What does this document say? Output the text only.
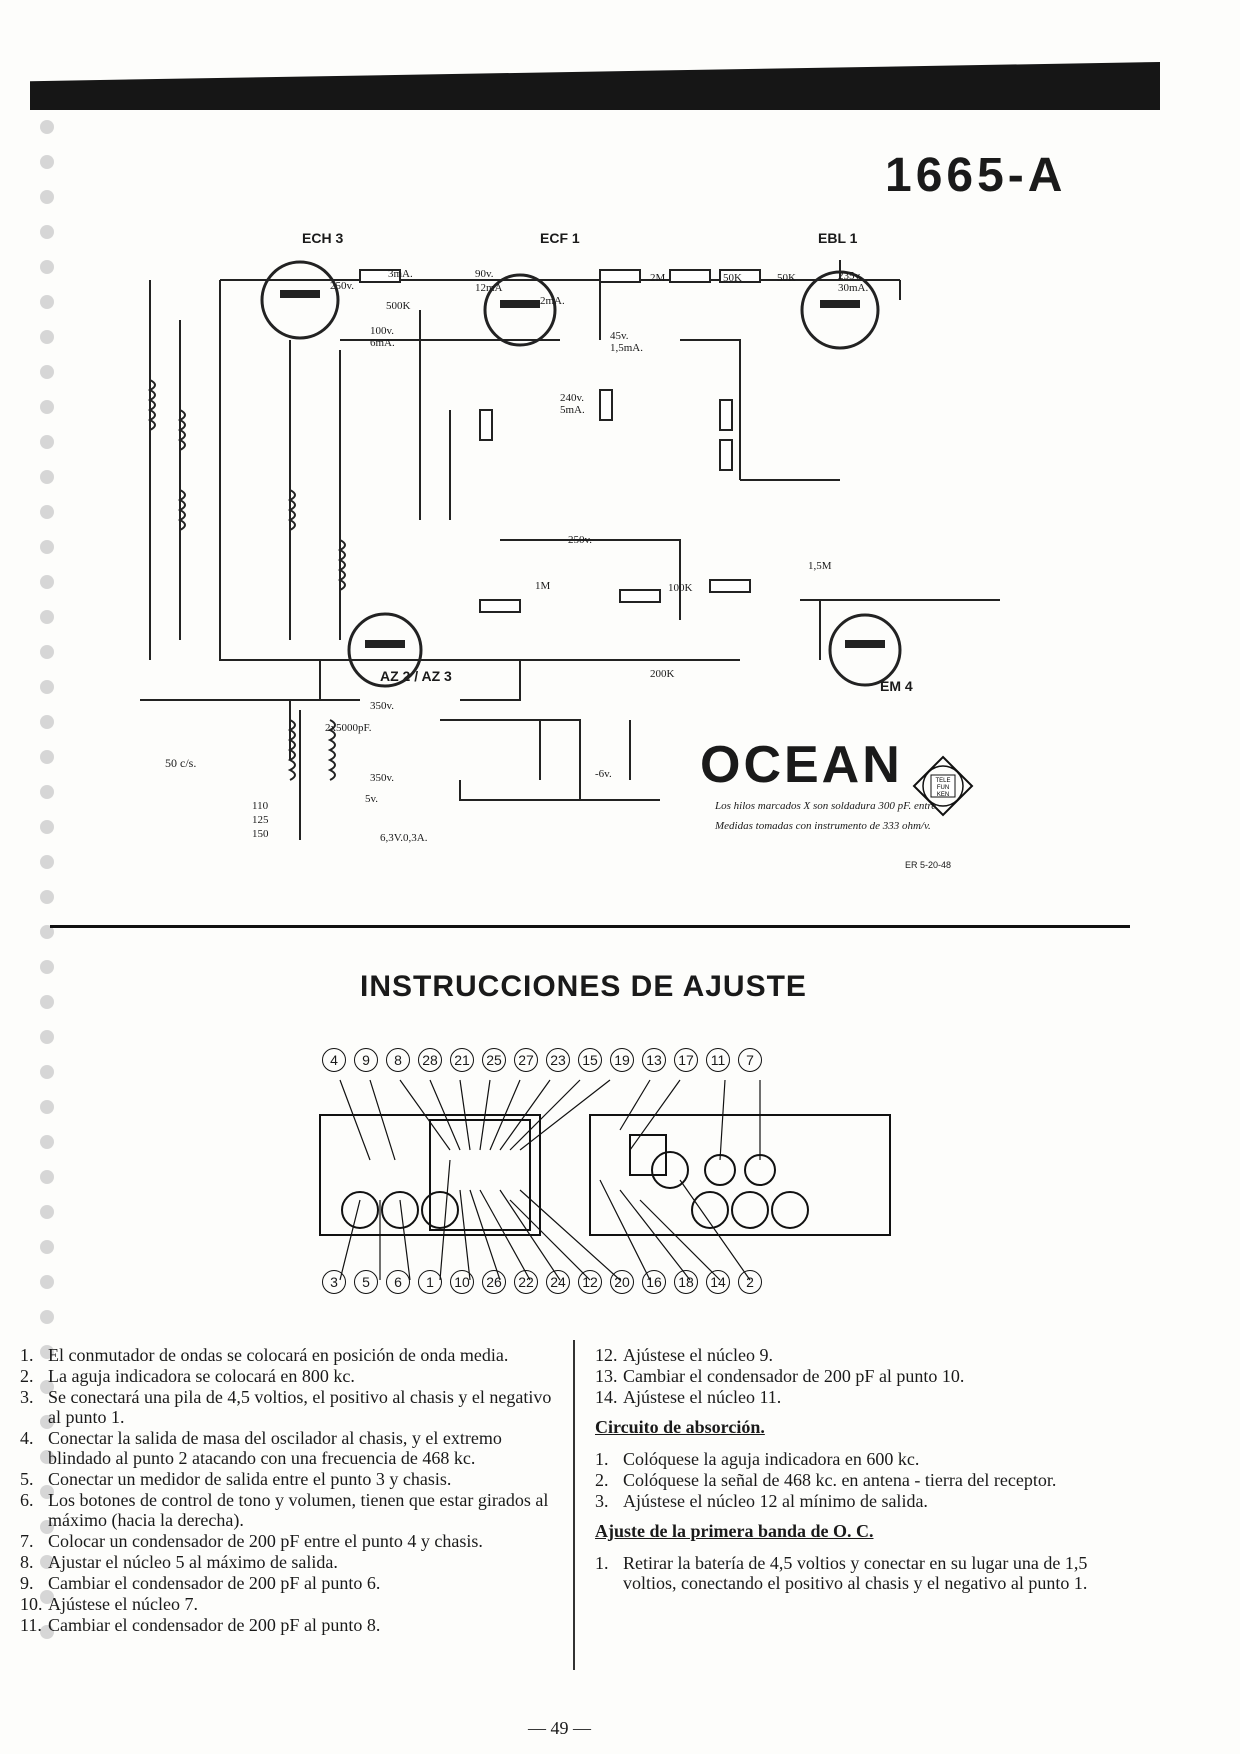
1665-A
ECH 3	ECF 1	EBL 1
AZ 2 / AZ 3
EM 4
3mA.
250v.
90v.
12mA
2mA.
100v.
6mA.
45v.
1,5mA.
240v.
5mA.
235v.
30mA.
250v.
350v.
350v.
5v.
-6v.
6,3V.0,3A.
50 c/s.
110
125
150
2x5000pF.
500K
2M	50K	50K
1M
1,5M
100K
200K
OCEAN	TELE
FUN
KEN
Los hilos marcados X son soldadura 300 pF. entre
Medidas tomadas con instrumento de 333 ohm/v.
ER 5-20-48
INSTRUCCIONES DE AJUSTE
4	9	8	28	21	25	27	23	15	19	13	17	11	7
3	5	6	1	10	26	22	24	12	20	16	18	14	2
1. El conmutador de ondas se colocará en posición de onda media.
2. La aguja indicadora se colocará en 800 kc.
3. Se conectará una pila de 4,5 voltios, el positivo al chasis y el negativo al punto 1.
4. Conectar la salida de masa del oscilador al chasis, y el extremo blindado al punto 2 atacando con una frecuencia de 468 kc.
5. Conectar un medidor de salida entre el punto 3 y chasis.
6. Los botones de control de tono y volumen, tienen que estar girados al máximo (hacia la derecha).
7. Colocar un condensador de 200 pF entre el punto 4 y chasis.
8. Ajustar el núcleo 5 al máximo de salida.
9. Cambiar el condensador de 200 pF al punto 6.
10. Ajústese el núcleo 7.
11. Cambiar el condensador de 200 pF al punto 8.
12. Ajústese el núcleo 9.
13. Cambiar el condensador de 200 pF al punto 10.
14. Ajústese el núcleo 11.
Circuito de absorción.
1. Colóquese la aguja indicadora en 600 kc.
2. Colóquese la señal de 468 kc. en antena - tierra del receptor.
3. Ajústese el núcleo 12 al mínimo de salida.
Ajuste de la primera banda de O. C.
1. Retirar la batería de 4,5 voltios y conectar en su lugar una de 1,5 voltios, conectando el positivo al chasis y el negativo al punto 1.
— 49 —
